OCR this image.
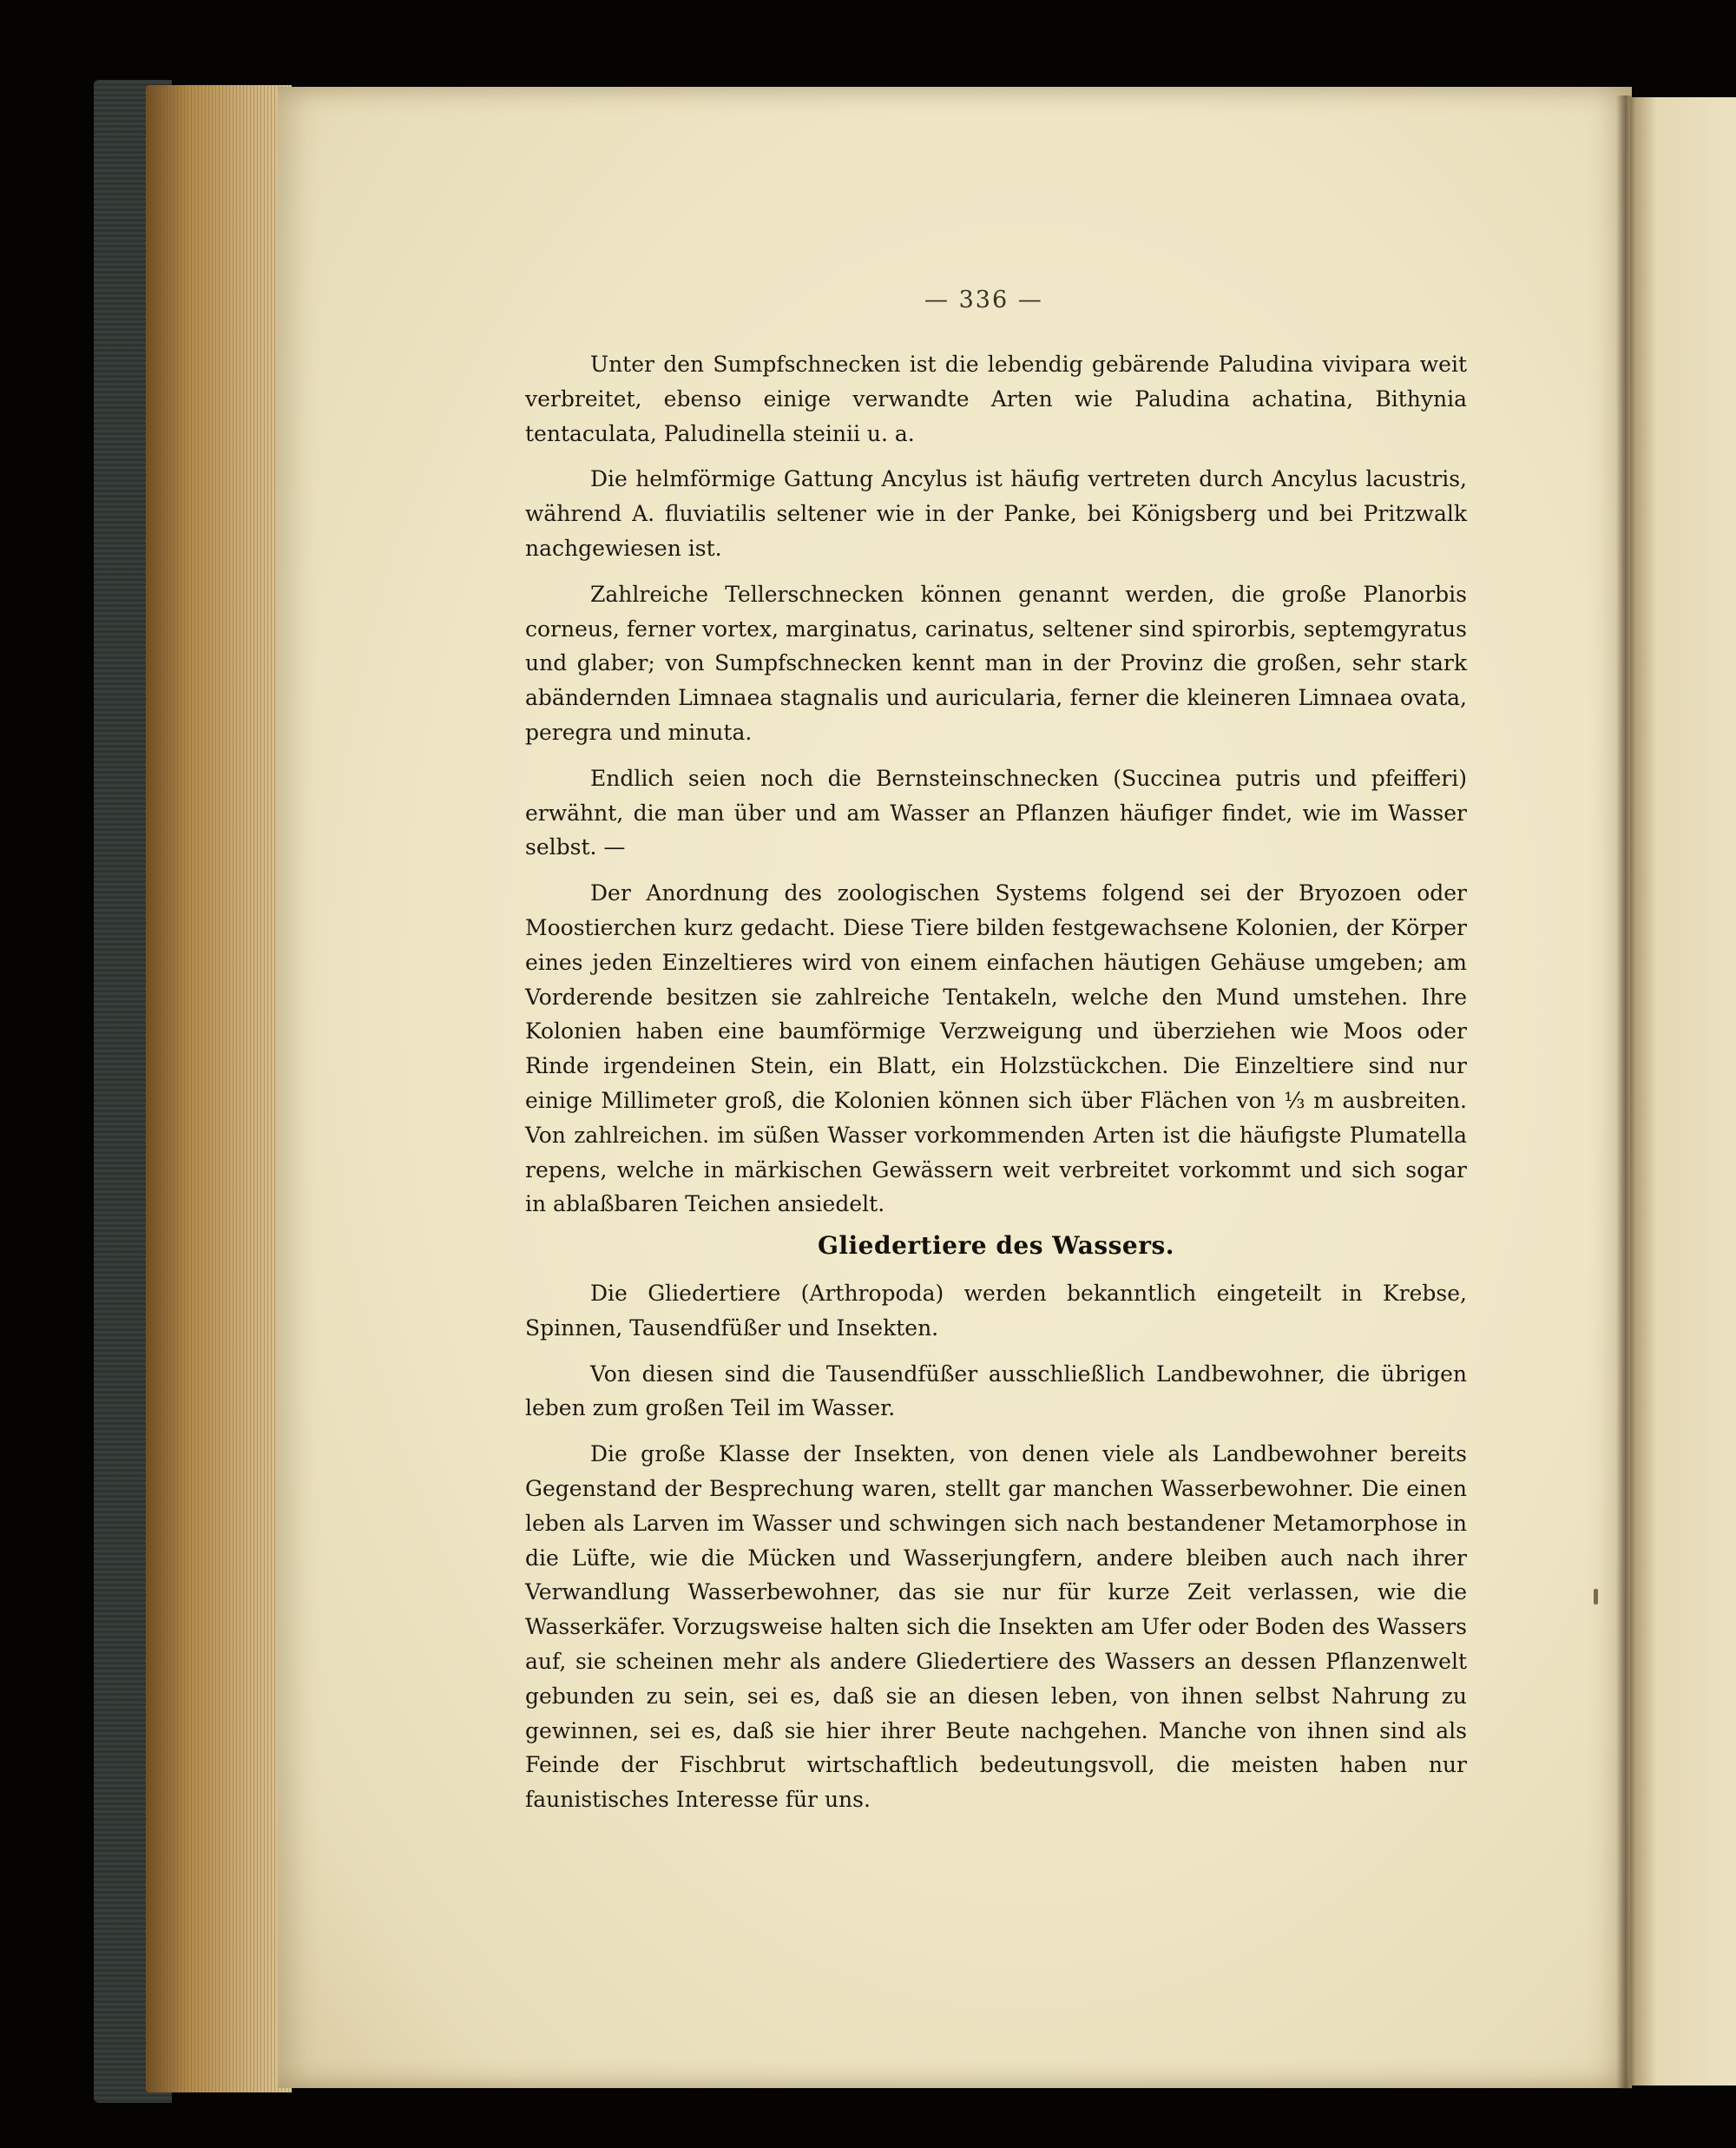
— 336 —

Unter den Sumpfschnecken ist die lebendig gebärende Paludina vivipara weit verbreitet, ebenso einige verwandte Arten wie Paludina achatina, Bithynia tentaculata, Paludinella steinii u. a.

Die helmförmige Gattung Ancylus ist häufig vertreten durch Ancylus lacustris, während A. fluviatilis seltener wie in der Panke, bei Königsberg und bei Pritzwalk nachgewiesen ist.

Zahlreiche Tellerschnecken können genannt werden, die große Planorbis corneus, ferner vortex, marginatus, carinatus, seltener sind spirorbis, septemgyratus und glaber; von Sumpfschnecken kennt man in der Provinz die großen, sehr stark abändernden Limnaea stagnalis und auricularia, ferner die kleineren Limnaea ovata, peregra und minuta.

Endlich seien noch die Bernsteinschnecken (Succinea putris und pfeifferi) erwähnt, die man über und am Wasser an Pflanzen häufiger findet, wie im Wasser selbst. —

Der Anordnung des zoologischen Systems folgend sei der Bryozoen oder Moostierchen kurz gedacht. Diese Tiere bilden festgewachsene Kolonien, der Körper eines jeden Einzeltieres wird von einem einfachen häutigen Gehäuse umgeben; am Vorderende besitzen sie zahlreiche Tentakeln, welche den Mund umstehen. Ihre Kolonien haben eine baumförmige Verzweigung und überziehen wie Moos oder Rinde irgendeinen Stein, ein Blatt, ein Holzstückchen. Die Einzeltiere sind nur einige Millimeter groß, die Kolonien können sich über Flächen von ⅓ m ausbreiten. Von zahlreichen. im süßen Wasser vorkommenden Arten ist die häufigste Plumatella repens, welche in märkischen Gewässern weit verbreitet vorkommt und sich sogar in ablaßbaren Teichen ansiedelt.

Gliedertiere des Wassers.

Die Gliedertiere (Arthropoda) werden bekanntlich eingeteilt in Krebse, Spinnen, Tausendfüßer und Insekten.

Von diesen sind die Tausendfüßer ausschließlich Landbewohner, die übrigen leben zum großen Teil im Wasser.

Die große Klasse der Insekten, von denen viele als Landbewohner bereits Gegenstand der Besprechung waren, stellt gar manchen Wasserbewohner. Die einen leben als Larven im Wasser und schwingen sich nach bestandener Metamorphose in die Lüfte, wie die Mücken und Wasserjungfern, andere bleiben auch nach ihrer Verwandlung Wasserbewohner, das sie nur für kurze Zeit verlassen, wie die Wasserkäfer. Vorzugsweise halten sich die Insekten am Ufer oder Boden des Wassers auf, sie scheinen mehr als andere Gliedertiere des Wassers an dessen Pflanzenwelt gebunden zu sein, sei es, daß sie an diesen leben, von ihnen selbst Nahrung zu gewinnen, sei es, daß sie hier ihrer Beute nachgehen. Manche von ihnen sind als Feinde der Fischbrut wirtschaftlich bedeutungsvoll, die meisten haben nur faunistisches Interesse für uns.
